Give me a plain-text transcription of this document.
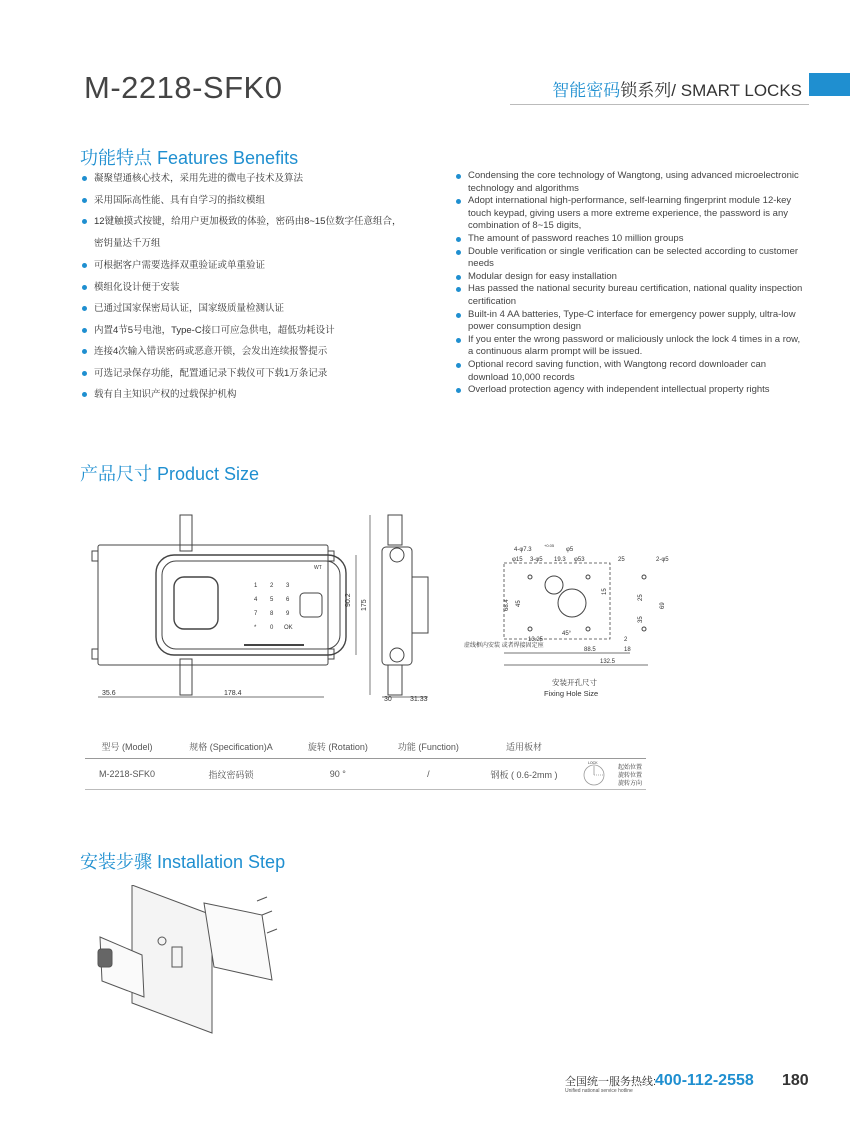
M-2218-SFK0	智能密码锁系列/ SMART LOCKS
功能特点 Features Benefits
凝聚望通核心技术，采用先进的微电子技术及算法
采用国际高性能、具有自学习的指纹模组
12键触摸式按键，给用户更加极致的体验，密码由8~15位数字任意组合，密钥量达千万组
可根据客户需要选择双重验证或单重验证
模组化设计便于安装
已通过国家保密局认证，国家级质量检测认证
内置4节5号电池，Type-C接口可应急供电，超低功耗设计
连接4次输入错误密码或恶意开锁，会发出连续报警提示
可选记录保存功能，配置通记录下载仪可下载1万条记录
载有自主知识产权的过载保护机构
Condensing the core technology of Wangtong, using advanced microelectronic technology and algorithms
Adopt international high-performance, self-learning fingerprint module 12-key touch keypad, giving users a more extreme experience, the password is any combination of 8~15 digits,
The amount of password reaches 10 million groups
Double verification or single verification can be selected according to customer needs
Modular design for easy installation
Has passed the national security bureau certification, national quality inspection certification
Built-in 4 AA batteries, Type-C interface for emergency power supply, ultra-low power consumption design
If you enter the wrong password or maliciously unlock the lock 4 times in a row, a continuous alarm prompt will be issued.
Optional record saving function, with Wangtong record downloader can download 10,000 records
Overload protection agency with independent intellectual property rights
产品尺寸 Product Size
1 2 3
4 5 6
7 8 9
* 0 OK
WT
35.6	178.4
90.2 175
30	31.33
4-φ7.3
+0.05
φ5
φ15 3-φ5 19.3 φ53	25	2-φ5
68.4 45
15
25
35
69
45°
13.25
88.5
2
18
132.5
虚线框内安装 或者焊接固定座
安装开孔尺寸
Fixing Hole Size
型号 (Model)	规格 (Specification)A	旋转 (Rotation)	功能 (Function)	适用板材	
M-2218-SFK0	指纹密码锁	90 °	/	钢板 ( 0.6-2mm )	
LOCK
起始位置
旋转位置
旋转方向
安装步骤 Installation Step
全国统一服务热线:
Unified national service hotline
400-112-2558 180
